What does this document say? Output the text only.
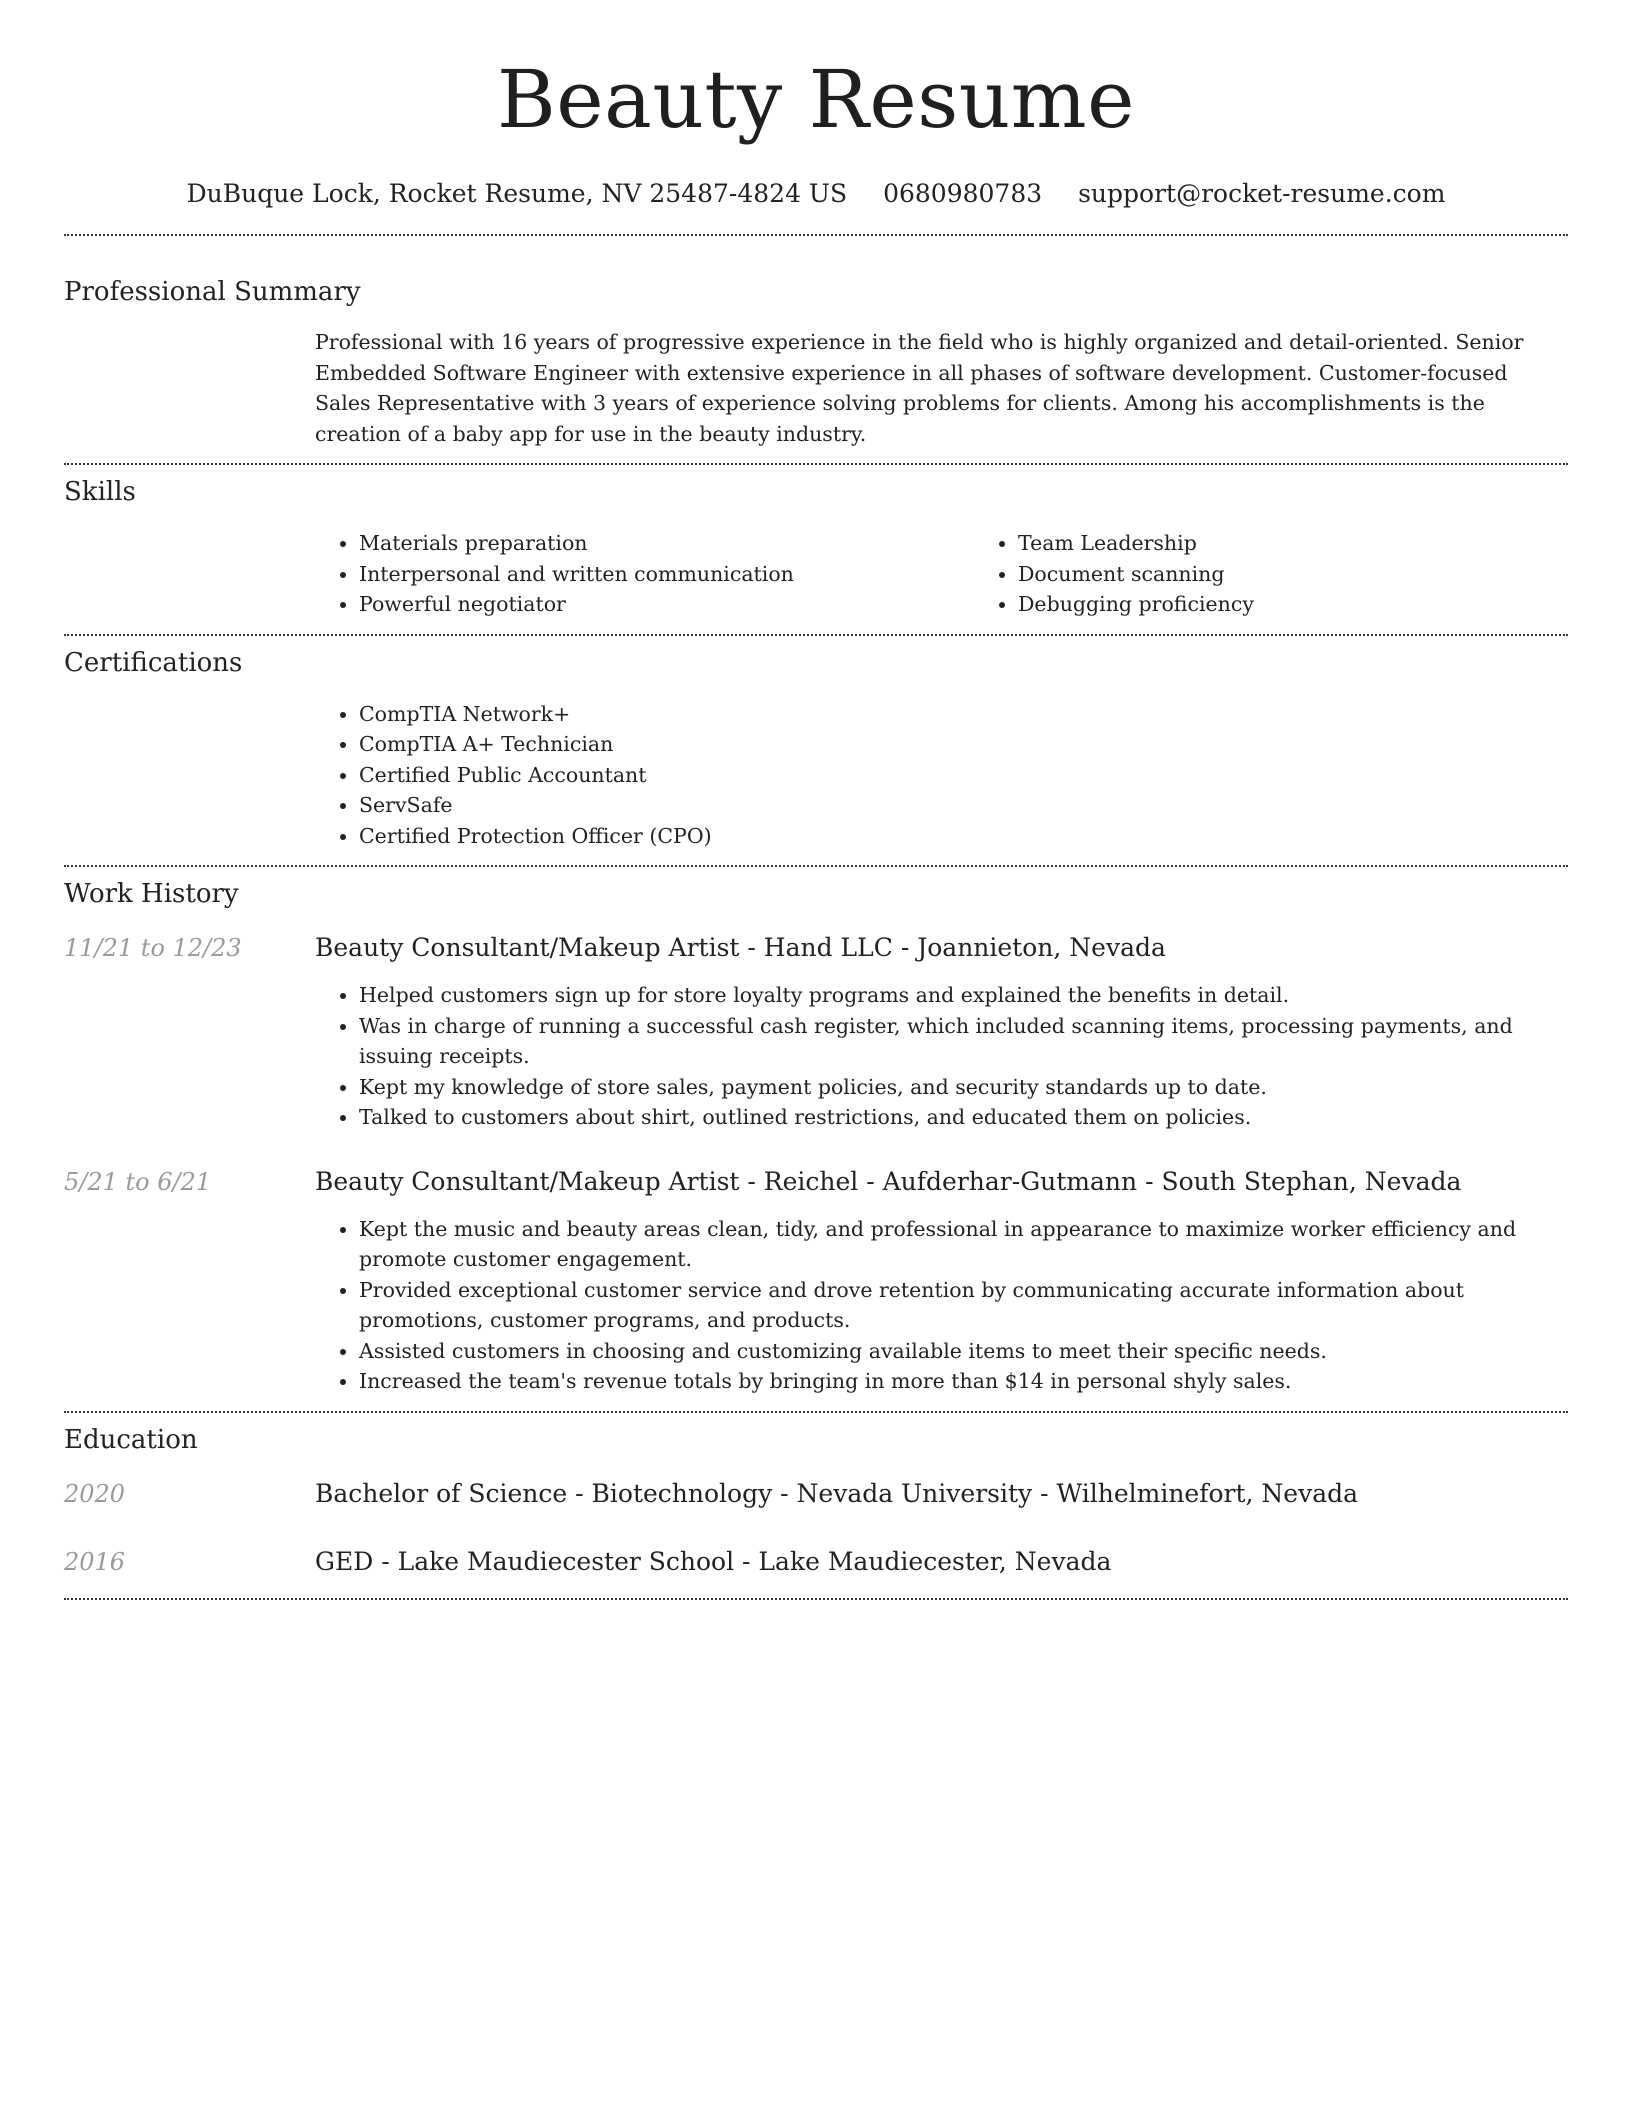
Beauty Resume
DuBuque Lock, Rocket Resume, NV 25487-4824 US 0680980783 support@rocket-resume.com
Professional Summary
Professional with 16 years of progressive experience in the field who is highly organized and detail-oriented. Senior Embedded Software Engineer with extensive experience in all phases of software development. Customer-focused Sales Representative with 3 years of experience solving problems for clients. Among his accomplishments is the creation of a baby app for use in the beauty industry.
Skills
• Materials preparation
• Interpersonal and written communication
• Powerful negotiator
• Team Leadership
• Document scanning
• Debugging proficiency
Certifications
• CompTIA Network+
• CompTIA A+ Technician
• Certified Public Accountant
• ServSafe
• Certified Protection Officer (CPO)
Work History
11/21 to 12/23	Beauty Consultant/Makeup Artist - Hand LLC - Joannieton, Nevada
• Helped customers sign up for store loyalty programs and explained the benefits in detail.
• Was in charge of running a successful cash register, which included scanning items, processing payments, and issuing receipts.
• Kept my knowledge of store sales, payment policies, and security standards up to date.
• Talked to customers about shirt, outlined restrictions, and educated them on policies.
5/21 to 6/21	Beauty Consultant/Makeup Artist - Reichel - Aufderhar-Gutmann - South Stephan, Nevada
• Kept the music and beauty areas clean, tidy, and professional in appearance to maximize worker efficiency and promote customer engagement.
• Provided exceptional customer service and drove retention by communicating accurate information about promotions, customer programs, and products.
• Assisted customers in choosing and customizing available items to meet their specific needs.
• Increased the team's revenue totals by bringing in more than $14 in personal shyly sales.
Education
2020	Bachelor of Science - Biotechnology - Nevada University - Wilhelminefort, Nevada
2016	GED - Lake Maudiecester School - Lake Maudiecester, Nevada
